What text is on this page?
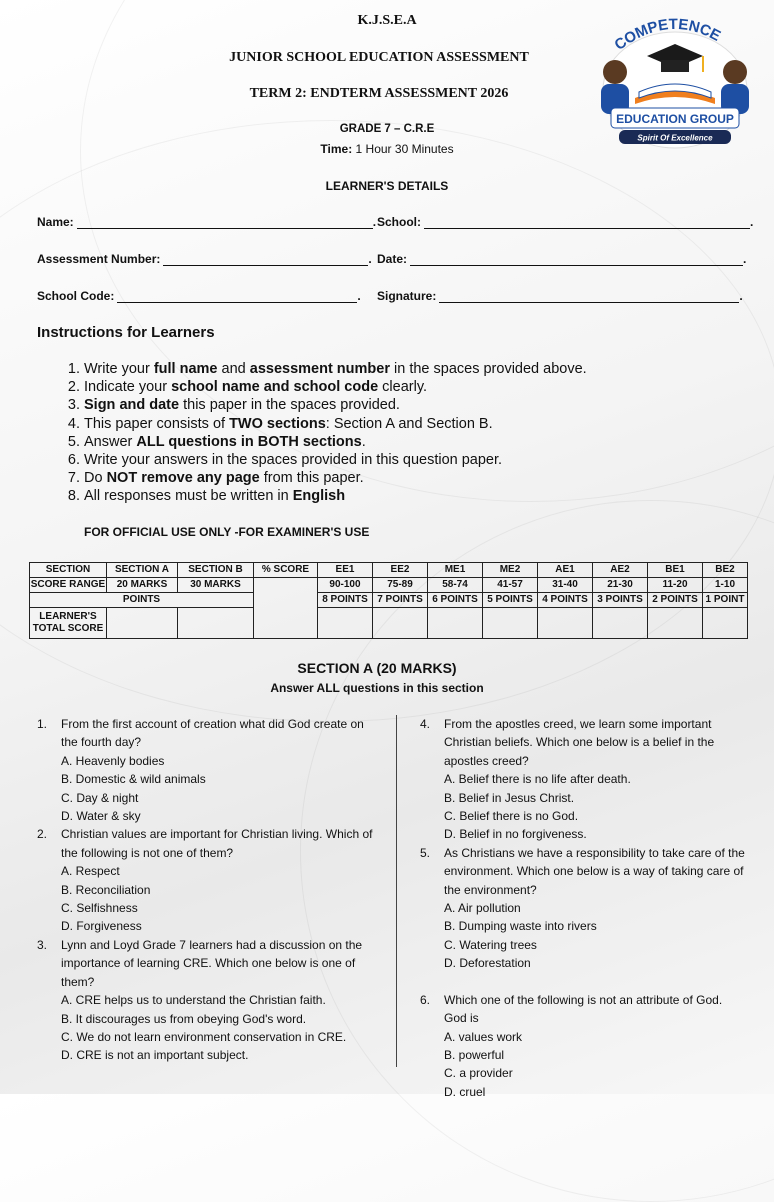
K.J.S.E.A
JUNIOR SCHOOL EDUCATION ASSESSMENT
TERM 2: ENDTERM ASSESSMENT 2026
GRADE 7 – C.R.E
Time: 1 Hour 30 Minutes
LEARNER'S DETAILS
COMPETENCE
EDUCATION GROUP
Spirit Of Excellence
Name:	. School:	.
Assessment Number:	. Date:	.
School Code:	. Signature:	.
Instructions for Learners
1. Write your full name and assessment number in the spaces provided above.
2. Indicate your school name and school code clearly.
3. Sign and date this paper in the spaces provided.
4. This paper consists of TWO sections: Section A and Section B.
5. Answer ALL questions in BOTH sections.
6. Write your answers in the spaces provided in this question paper.
7. Do NOT remove any page from this paper.
8. All responses must be written in English
FOR OFFICIAL USE ONLY -FOR EXAMINER'S USE
SECTION	SECTION A	SECTION B	% SCORE	EE1	EE2	ME1	ME2	AE1	AE2	BE1	BE2
SCORE RANGE	20 MARKS	30 MARKS		90-100	75-89	58-74	41-57	31-40	21-30	11-20	1-10
POINTS				8 POINTS	7 POINTS	6 POINTS	5 POINTS	4 POINTS	3 POINTS	2 POINTS	1 POINT
LEARNER'S
TOTAL SCORE											
SECTION A (20 MARKS)
Answer ALL questions in this section
1.	From the first account of creation what did God create on the fourth day?
A. Heavenly bodies
B. Domestic & wild animals
C. Day & night
D. Water & sky
2.	Christian values are important for Christian living. Which of the following is not one of them?
A. Respect
B. Reconciliation
C. Selfishness
D. Forgiveness
3.	Lynn and Loyd Grade 7 learners had a discussion on the importance of learning CRE. Which one below is one of them?
A. CRE helps us to understand the Christian faith.
B. It discourages us from obeying God's word.
C. We do not learn environment conservation in CRE.
D. CRE is not an important subject.
4.	From the apostles creed, we learn some important Christian beliefs. Which one below is a belief in the apostles creed?
A. Belief there is no life after death.
B. Belief in Jesus Christ.
C. Belief there is no God.
D. Belief in no forgiveness.
5.	As Christians we have a responsibility to take care of the environment. Which one below is a way of taking care of the environment?
A. Air pollution
B. Dumping waste into rivers
C. Watering trees
D. Deforestation
6.	Which one of the following is not an attribute of God. God is
A. values work
B. powerful
C. a provider
D. cruel
